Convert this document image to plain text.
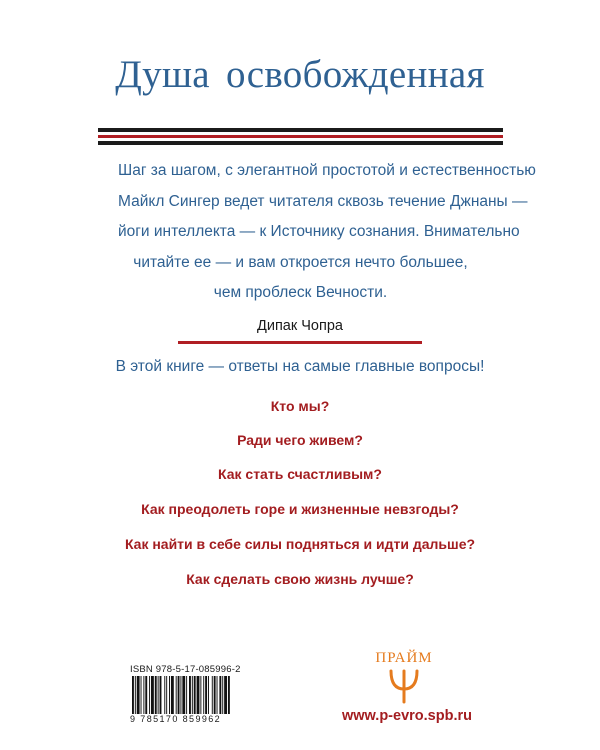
Душа освобожденная
Шаг за шагом, с элегантной простотой и естественностью
Майкл Сингер ведет читателя сквозь течение Джнаны —
йоги интеллекта — к Источнику сознания. Внимательно
читайте ее — и вам откроется нечто большее,
чем проблеск Вечности.
Дипак Чопра
В этой книге — ответы на самые главные вопросы!
Кто мы?
Ради чего живем?
Как стать счастливым?
Как преодолеть горе и жизненные невзгоды?
Как найти в себе силы подняться и идти дальше?
Как сделать свою жизнь лучше?
ISBN 978-5-17-085996-2
9 785170 859962
ПРАЙМ
www.p-evro.spb.ru
